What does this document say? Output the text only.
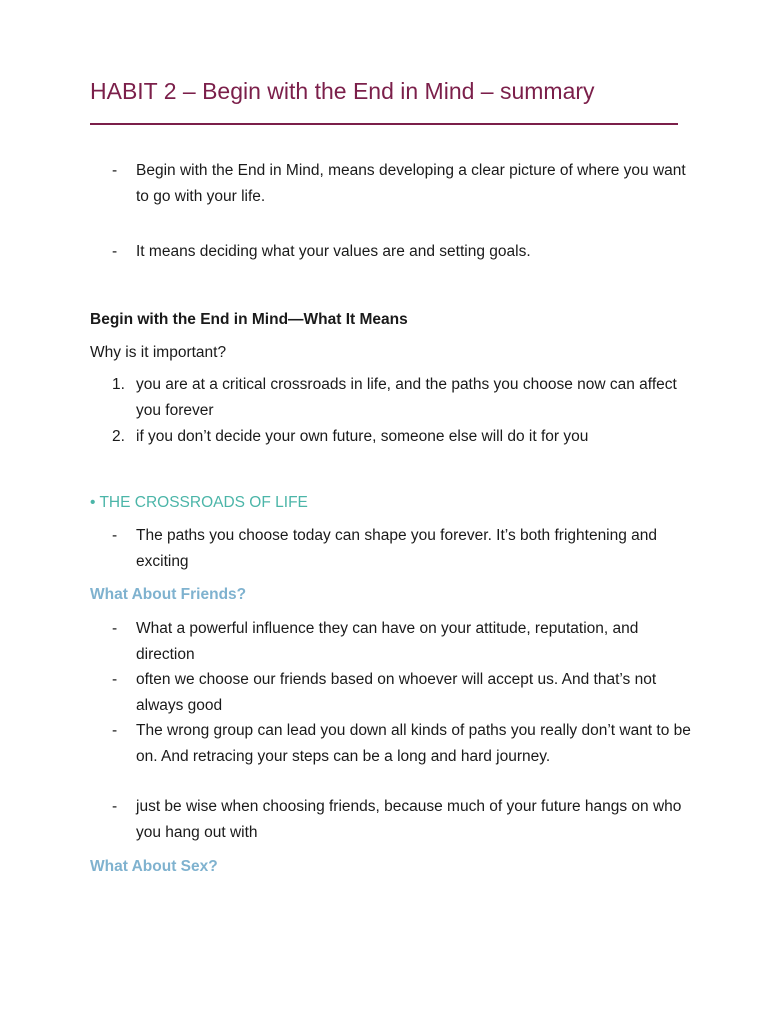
HABIT 2 – Begin with the End in Mind – summary
-	Begin with the End in Mind, means developing a clear picture of where you want to go with your life.
-	It means deciding what your values are and setting goals.

Begin with the End in Mind—What It Means

Why is it important?

1. you are at a critical crossroads in life, and the paths you choose now can affect you forever
2. if you don’t decide your own future, someone else will do it for you

• THE CROSSROADS OF LIFE

-	The paths you choose today can shape you forever. It’s both frightening and exciting

What About Friends?

-	What a powerful influence they can have on your attitude, reputation, and direction
-	often we choose our friends based on whoever will accept us. And that’s not always good
-	The wrong group can lead you down all kinds of paths you really don’t want to be on. And retracing your steps can be a long and hard journey.
-	just be wise when choosing friends, because much of your future hangs on who you hang out with

What About Sex?
